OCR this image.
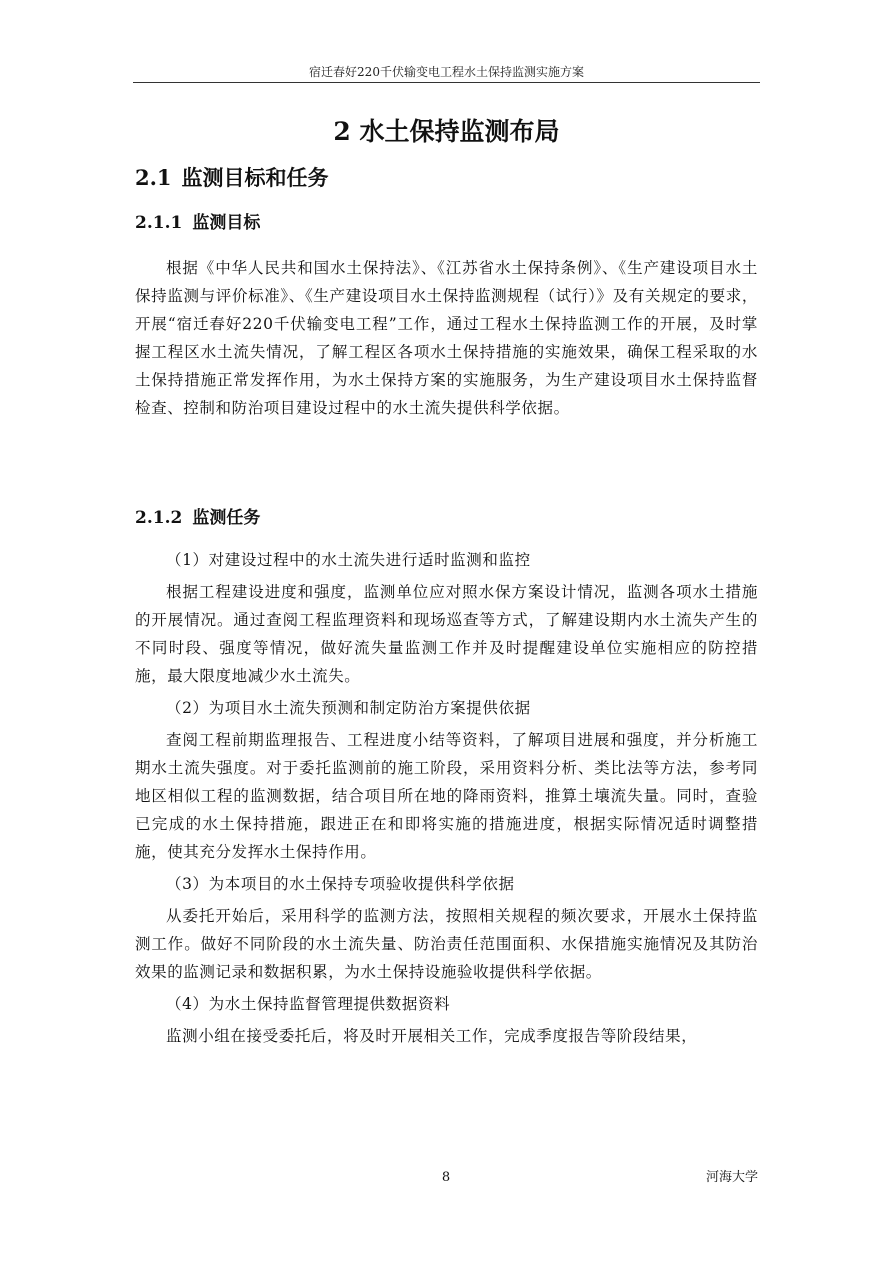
宿迁春好220千伏输变电工程水土保持监测实施方案
2 水土保持监测布局
2.1 监测目标和任务
2.1.1 监测目标

根据《中华人民共和国水土保持法》、《江苏省水土保持条例》、《生产建设项目水土保持监测与评价标准》、《生产建设项目水土保持监测规程（试行）》及有关规定的要求，开展“宿迁春好220千伏输变电工程”工作，通过工程水土保持监测工作的开展，及时掌握工程区水土流失情况，了解工程区各项水土保持措施的实施效果，确保工程采取的水土保持措施正常发挥作用，为水土保持方案的实施服务，为生产建设项目水土保持监督检查、控制和防治项目建设过程中的水土流失提供科学依据。

2.1.2 监测任务

（1）对建设过程中的水土流失进行适时监测和监控

根据工程建设进度和强度，监测单位应对照水保方案设计情况，监测各项水土措施的开展情况。通过查阅工程监理资料和现场巡查等方式，了解建设期内水土流失产生的不同时段、强度等情况，做好流失量监测工作并及时提醒建设单位实施相应的防控措施，最大限度地减少水土流失。

（2）为项目水土流失预测和制定防治方案提供依据

查阅工程前期监理报告、工程进度小结等资料，了解项目进展和强度，并分析施工期水土流失强度。对于委托监测前的施工阶段，采用资料分析、类比法等方法，参考同地区相似工程的监测数据，结合项目所在地的降雨资料，推算土壤流失量。同时，查验已完成的水土保持措施，跟进正在和即将实施的措施进度，根据实际情况适时调整措施，使其充分发挥水土保持作用。

（3）为本项目的水土保持专项验收提供科学依据

从委托开始后，采用科学的监测方法，按照相关规程的频次要求，开展水土保持监测工作。做好不同阶段的水土流失量、防治责任范围面积、水保措施实施情况及其防治效果的监测记录和数据积累，为水土保持设施验收提供科学依据。

（4）为水土保持监督管理提供数据资料

监测小组在接受委托后，将及时开展相关工作，完成季度报告等阶段结果，

8	河海大学
